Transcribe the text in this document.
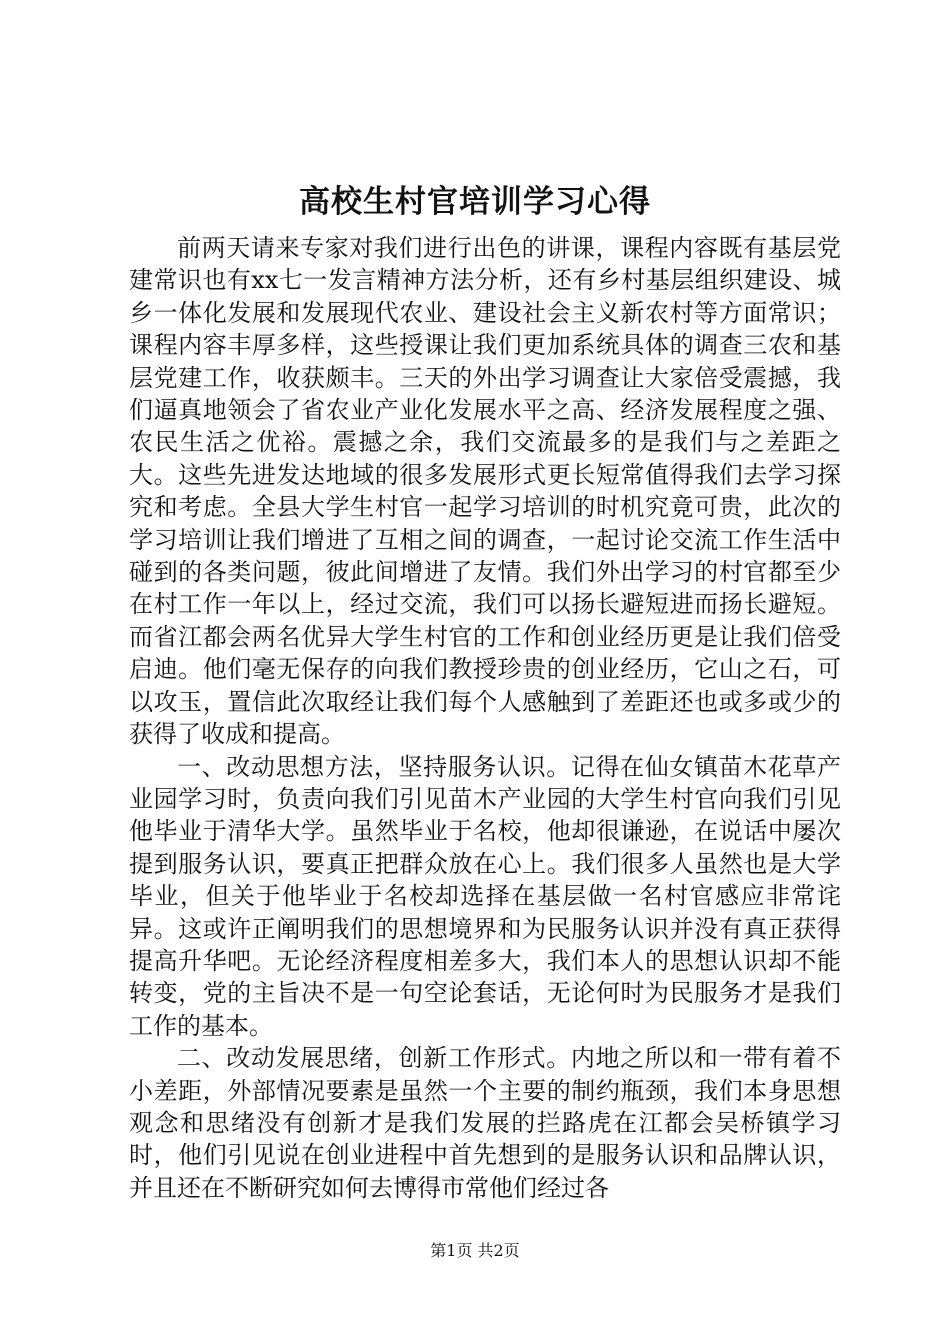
高校生村官培训学习心得

前两天请来专家对我们进行出色的讲课，课程内容既有基层党建常识也有xx七一发言精神方法分析，还有乡村基层组织建设、城乡一体化发展和发展现代农业、建设社会主义新农村等方面常识；课程内容丰厚多样，这些授课让我们更加系统具体的调查三农和基层党建工作，收获颇丰。三天的外出学习调查让大家倍受震撼，我们逼真地领会了省农业产业化发展水平之高、经济发展程度之强、农民生活之优裕。震撼之余，我们交流最多的是我们与之差距之大。这些先进发达地域的很多发展形式更长短常值得我们去学习探究和考虑。全县大学生村官一起学习培训的时机究竟可贵，此次的学习培训让我们增进了互相之间的调查，一起讨论交流工作生活中碰到的各类问题，彼此间增进了友情。我们外出学习的村官都至少在村工作一年以上，经过交流，我们可以扬长避短进而扬长避短。而省江都会两名优异大学生村官的工作和创业经历更是让我们倍受启迪。他们毫无保存的向我们教授珍贵的创业经历，它山之石，可以攻玉，置信此次取经让我们每个人感触到了差距还也或多或少的获得了收成和提高。

一、改动思想方法，坚持服务认识。记得在仙女镇苗木花草产业园学习时，负责向我们引见苗木产业园的大学生村官向我们引见他毕业于清华大学。虽然毕业于名校，他却很谦逊，在说话中屡次提到服务认识，要真正把群众放在心上。我们很多人虽然也是大学毕业，但关于他毕业于名校却选择在基层做一名村官感应非常诧异。这或许正阐明我们的思想境界和为民服务认识并没有真正获得提高升华吧。无论经济程度相差多大，我们本人的思想认识却不能转变，党的主旨决不是一句空论套话，无论何时为民服务才是我们工作的基本。

二、改动发展思绪，创新工作形式。内地之所以和一带有着不小差距，外部情况要素是虽然一个主要的制约瓶颈，我们本身思想观念和思绪没有创新才是我们发展的拦路虎在江都会吴桥镇学习时，他们引见说在创业进程中首先想到的是服务认识和品牌认识，并且还在不断研究如何去博得市常他们经过各

第1页 共2页
